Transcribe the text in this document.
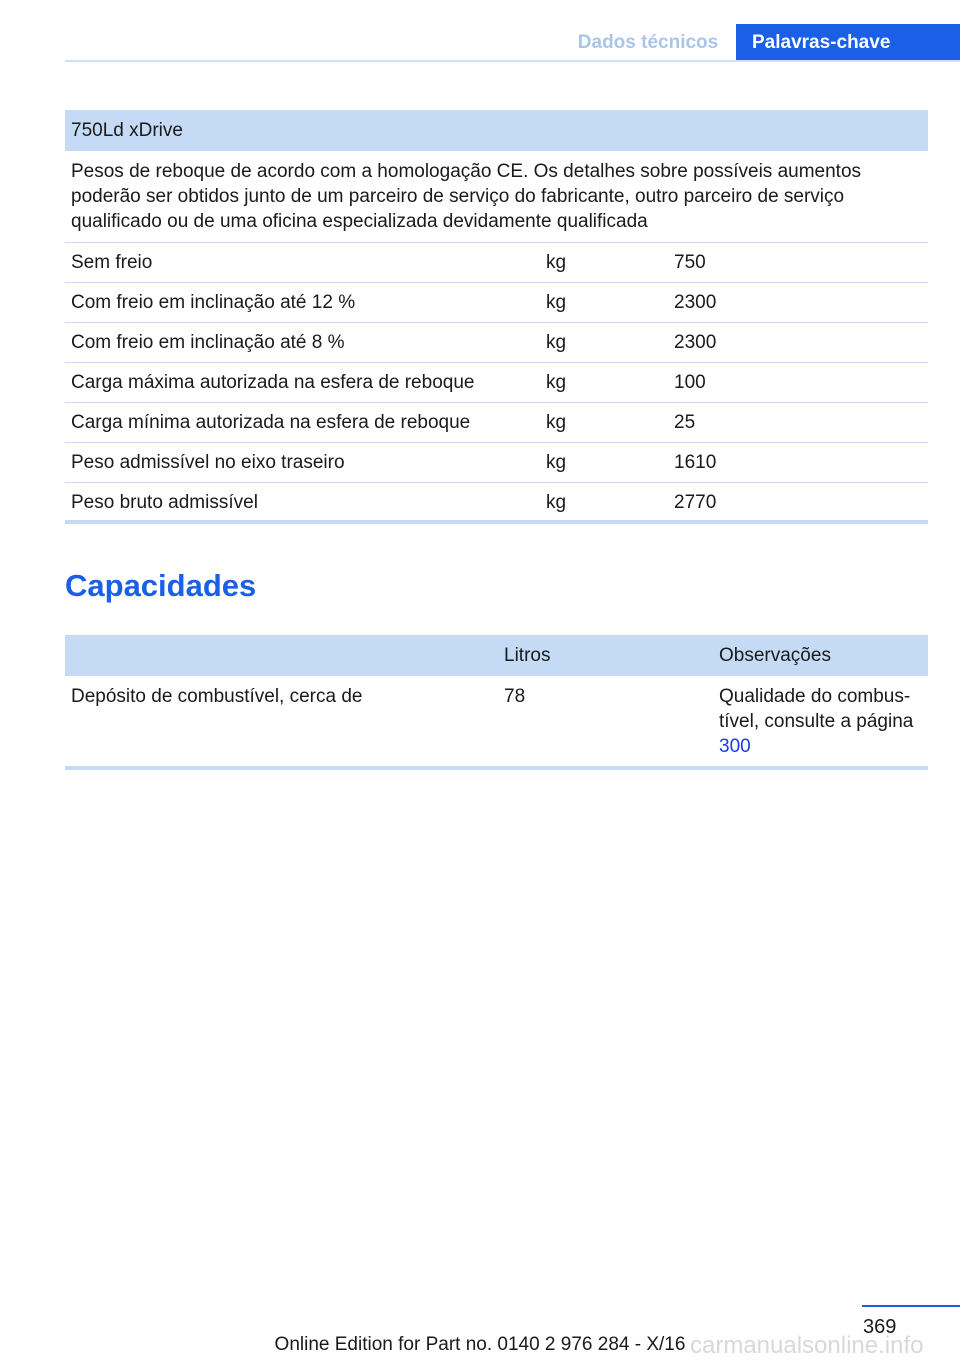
Dados técnicos	Palavras-chave
750Ld xDrive		
Pesos de reboque de acordo com a homologação CE. Os detalhes sobre possíveis aumentos poderão ser obtidos junto de um parceiro de serviço do fabricante, outro parceiro de serviço qualificado ou de uma oficina especializada devidamente qualificada		
Sem freio	kg	750
Com freio em inclinação até 12 %	kg	2300
Com freio em inclinação até 8 %	kg	2300
Carga máxima autorizada na esfera de reboque	kg	100
Carga mínima autorizada na esfera de reboque	kg	25
Peso admissível no eixo traseiro	kg	1610
Peso bruto admissível	kg	2770
Capacidades
	Litros	Observações
Depósito de combustível, cerca de	78	Qualidade do combus-tível, consulte a página
300
369
carmanualsonline.info
Online Edition for Part no. 0140 2 976 284 - X/16
